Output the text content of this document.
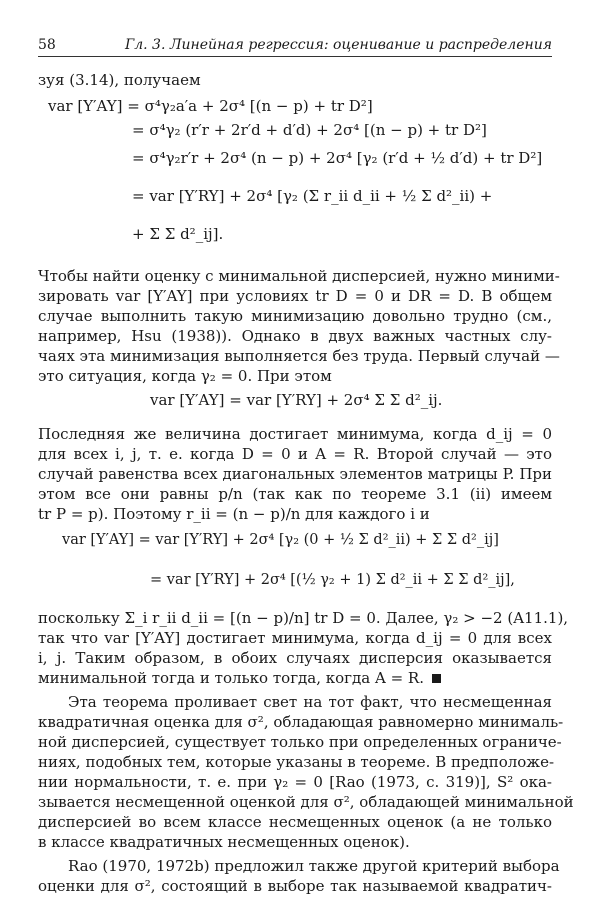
58	Гл. 3. Линейная регрессия: оценивание и распределения
зуя (3.14), получаем
var [Y′AY] = σ⁴γ₂a′a + 2σ⁴ [(n − p) + tr D²]
= σ⁴γ₂ (r′r + 2r′d + d′d) + 2σ⁴ [(n − p) + tr D²]
= σ⁴γ₂r′r + 2σ⁴ (n − p) + 2σ⁴ [γ₂ (r′d + ½ d′d) + tr D²]
= var [Y′RY] + 2σ⁴ [γ₂ (Σ r_ii d_ii + ½ Σ d²_ii) +
+ Σ Σ d²_ij].
Чтобы найти оценку с минимальной дисперсией, нужно миними-
зировать var [Y′AY] при условиях tr D = 0 и DR = D. В общем
случае выполнить такую минимизацию довольно трудно (см.,
например, Hsu (1938)). Однако в двух важных частных слу-
чаях эта минимизация выполняется без труда. Первый случай —
это ситуация, когда γ₂ = 0. При этом
var [Y′AY] = var [Y′RY] + 2σ⁴ Σ Σ d²_ij.
Последняя же величина достигает минимума, когда d_ij = 0
для всех i, j, т. е. когда D = 0 и A = R. Второй случай — это
случай равенства всех диагональных элементов матрицы P. При
этом все они равны p/n (так как по теореме 3.1 (ii) имеем
tr P = p). Поэтому r_ii = (n − p)/n для каждого i и
var [Y′AY] = var [Y′RY] + 2σ⁴ [γ₂ (0 + ½ Σ d²_ii) + Σ Σ d²_ij]
= var [Y′RY] + 2σ⁴ [(½ γ₂ + 1) Σ d²_ii + Σ Σ d²_ij],
поскольку Σ_i r_ii d_ii = [(n − p)/n] tr D = 0. Далее, γ₂ > −2 (A11.1),
так что var [Y′AY] достигает минимума, когда d_ij = 0 для всех
i, j. Таким образом, в обоих случаях дисперсия оказывается
минимальной тогда и только тогда, когда A = R.
Эта теорема проливает свет на тот факт, что несмещенная
квадратичная оценка для σ², обладающая равномерно минималь-
ной дисперсией, существует только при определенных ограниче-
ниях, подобных тем, которые указаны в теореме. В предположе-
нии нормальности, т. е. при γ₂ = 0 [Rao (1973, с. 319)], S² ока-
зывается несмещенной оценкой для σ², обладающей минимальной
дисперсией во всем классе несмещенных оценок (а не только
в классе квадратичных несмещенных оценок).
Rao (1970, 1972b) предложил также другой критерий выбора
оценки для σ², состоящий в выборе так называемой квадратич-
